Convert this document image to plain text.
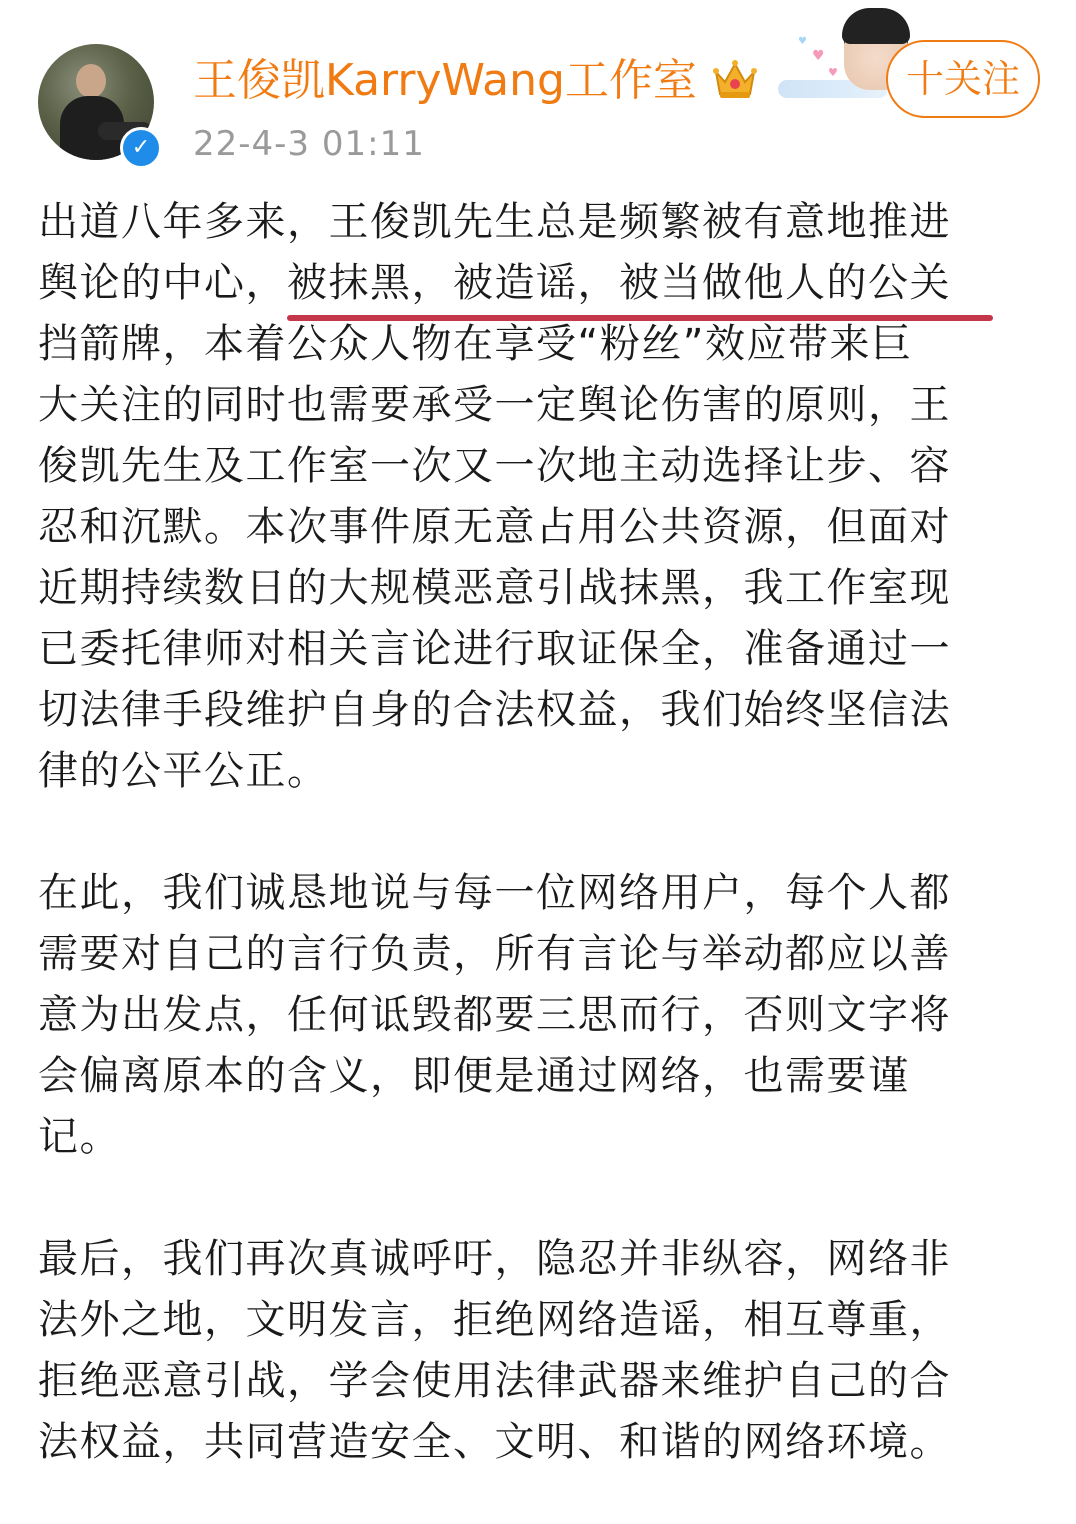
✓
王俊凯KarryWang工作室
22-4-3 01:11
♥
♥
♥
十关注
出道八年多来，王俊凯先生总是频繁被有意地推进
舆论的中心，被抹黑，被造谣，被当做他人的公关
挡箭牌，本着公众人物在享受“粉丝”效应带来巨
大关注的同时也需要承受一定舆论伤害的原则，王
俊凯先生及工作室一次又一次地主动选择让步、容
忍和沉默。本次事件原无意占用公共资源，但面对
近期持续数日的大规模恶意引战抹黑，我工作室现
已委托律师对相关言论进行取证保全，准备通过一
切法律手段维护自身的合法权益，我们始终坚信法
律的公平公正。
在此，我们诚恳地说与每一位网络用户，每个人都
需要对自己的言行负责，所有言论与举动都应以善
意为出发点，任何诋毁都要三思而行，否则文字将
会偏离原本的含义，即便是通过网络，也需要谨
记。
最后，我们再次真诚呼吁，隐忍并非纵容，网络非
法外之地，文明发言，拒绝网络造谣，相互尊重，
拒绝恶意引战，学会使用法律武器来维护自己的合
法权益，共同营造安全、文明、和谐的网络环境。
